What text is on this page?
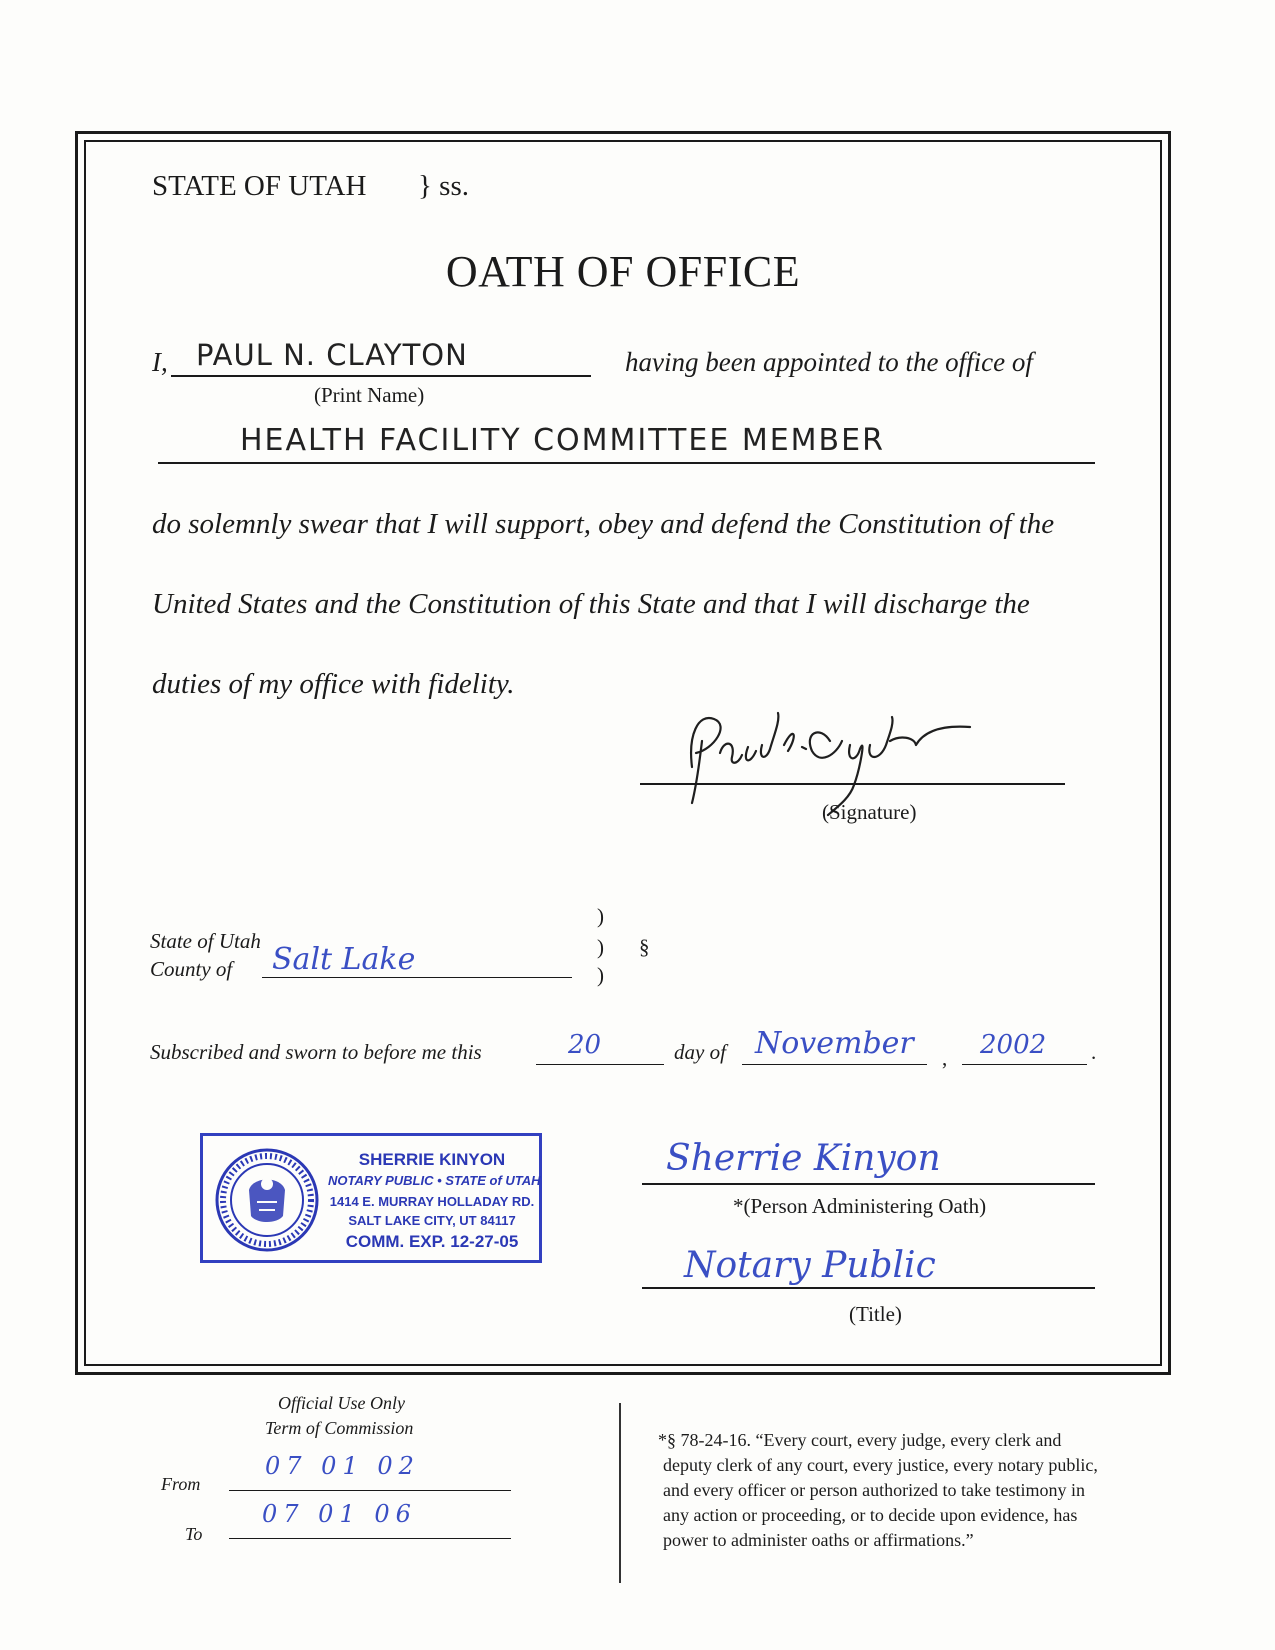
STATE OF UTAH } ss.
OATH OF OFFICE
I, PAUL N. CLAYTON	having been appointed to the office of
(Print Name)
HEALTH FACILITY COMMITTEE MEMBER
do solemnly swear that I will support, obey and defend the Constitution of the
United States and the Constitution of this State and that I will discharge the
duties of my office with fidelity.
(Signature)
State of Utah
County of Salt Lake
)
)
)
§
Subscribed and sworn to before me this	20	day of November , 2002 .
SHERRIE KINYON
NOTARY PUBLIC • STATE of UTAH
1414 E. MURRAY HOLLADAY RD.
SALT LAKE CITY, UT 84117
COMM. EXP. 12-27-05
Sherrie Kinyon
*(Person Administering Oath)
Notary Public
(Title)
Official Use Only
Term of Commission
From
07 01 02
To
07 01 06
*§ 78-24-16. “Every court, every judge, every clerk and
deputy clerk of any court, every justice, every notary public,
and every officer or person authorized to take testimony in
any action or proceeding, or to decide upon evidence, has
power to administer oaths or affirmations.”
